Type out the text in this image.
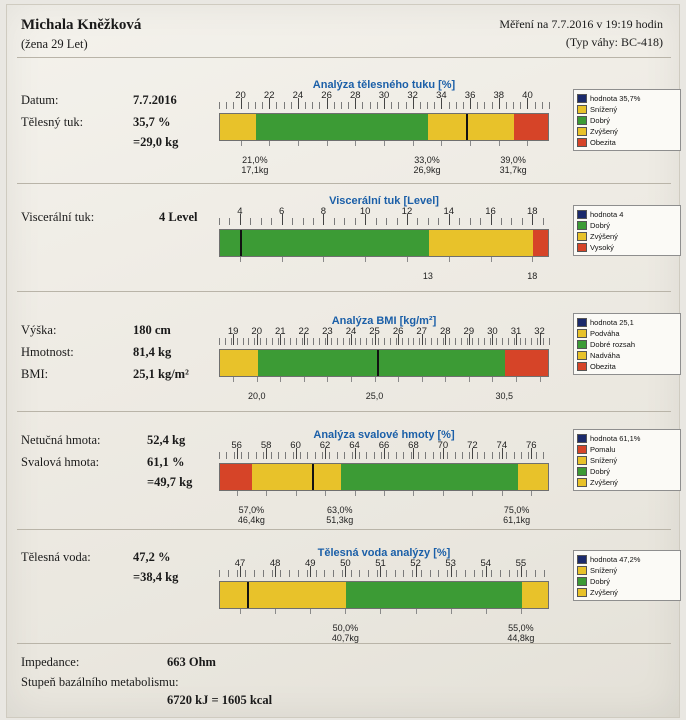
Michala Kněžková
(žena 29 Let)
Měření na 7.7.2016 v 19:19 hodin
(Typ váhy: BC-418)
Datum:	7.7.2016
Tělesný tuk:	35,7 %
=29,0 kg
Viscerální tuk:	4 Level
Výška:	180 cm
Hmotnost:	81,4 kg
BMI:	25,1 kg/m²
Netučná hmota:	52,4 kg
Svalová hmota:	61,1 %
=49,7 kg
Tělesná voda:	47,2 %
=38,4 kg
Impedance:	663 Ohm
Stupeň bazálního metabolismu:
6720 kJ = 1605 kcal
Analýza tělesného tuku [%]
20 22 24 26 28 30 32 34 36 38 40
21,0%
17,1kg
33,0%
26,9kg
39,0%
31,7kg
Viscerální tuk [Level]
4	6	8	10	12	14	16	18
13	18
Analýza BMI [kg/m²]
19 20 21 22 23 24 25 26 27 28 29 30 31 32
20,0	25,0	30,5
Analýza svalové hmoty [%]
56 58 60 62 64 66 68 70 72 74 76
57,0%
46,4kg
63,0%
51,3kg
75,0%
61,1kg
Tělesná voda analýzy [%]
47	48	49	50	51	52	53	54	55
50,0%
40,7kg
55,0%
44,8kg
hodnota 35,7%
Snížený
Dobrý
Zvýšený
Obezita
hodnota 4
Dobrý
Zvýšený
Vysoký
hodnota 25,1
Podváha
Dobré rozsah
Nadváha
Obezita
hodnota 61,1%
Pomalu
Snížený
Dobrý
Zvýšený
hodnota 47,2%
Snížený
Dobrý
Zvýšený
